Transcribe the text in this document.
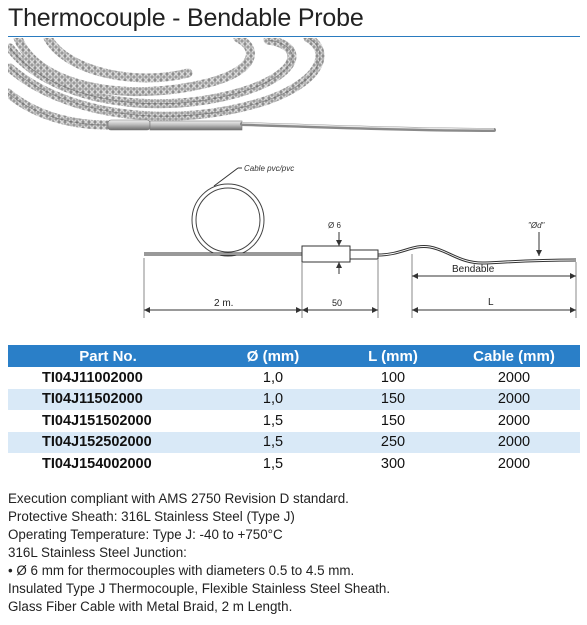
Thermocouple - Bendable Probe
Cable pvc/pvc
Ø 6	"Ød"
Bendable
2 m.	50	L
Part No.	Ø (mm)	L (mm)	Cable (mm)
TI04J11002000	1,0	100	2000
TI04J11502000	1,0	150	2000
TI04J151502000	1,5	150	2000
TI04J152502000	1,5	250	2000
TI04J154002000	1,5	300	2000

Execution compliant with AMS 2750 Revision D standard.

Protective Sheath: 316L Stainless Steel (Type J)

Operating Temperature: Type J: -40 to +750°C

316L Stainless Steel Junction:

• Ø 6 mm for thermocouples with diameters 0.5 to 4.5 mm.

Insulated Type J Thermocouple, Flexible Stainless Steel Sheath.

Glass Fiber Cable with Metal Braid, 2 m Length.
